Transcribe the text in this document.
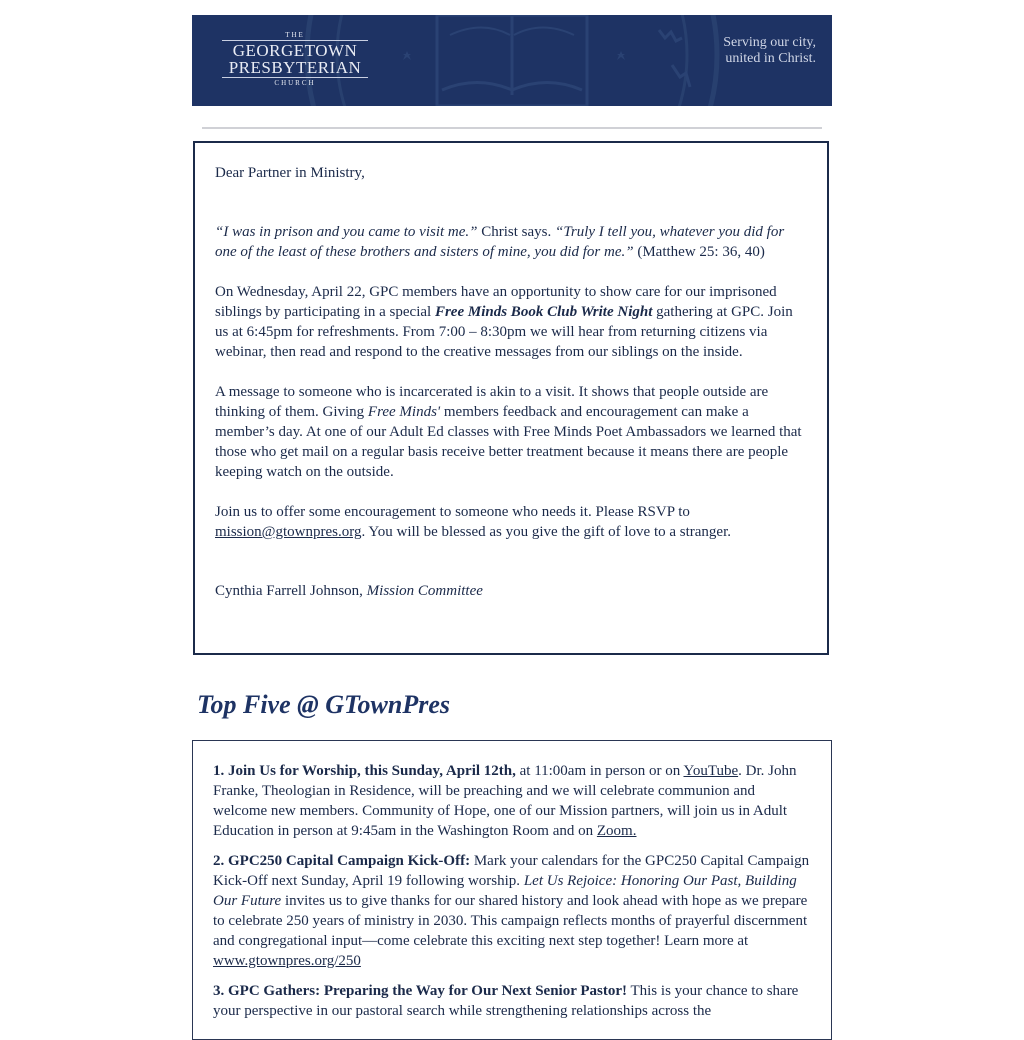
THE
GEORGETOWN
PRESBYTERIAN
CHURCH
Serving our city,
united in Christ.

Dear Partner in Ministry,

“I was in prison and you came to visit me.” Christ says. “Truly I tell you, whatever you did for one of the least of these brothers and sisters of mine, you did for me.” (Matthew 25: 36, 40)

On Wednesday, April 22, GPC members have an opportunity to show care for our imprisoned siblings by participating in a special Free Minds Book Club Write Night gathering at GPC. Join us at 6:45pm for refreshments. From 7:00 – 8:30pm we will hear from returning citizens via webinar, then read and respond to the creative messages from our siblings on the inside.

A message to someone who is incarcerated is akin to a visit. It shows that people outside are thinking of them. Giving Free Minds' members feedback and encouragement can make a member’s day. At one of our Adult Ed classes with Free Minds Poet Ambassadors we learned that those who get mail on a regular basis receive better treatment because it means there are people keeping watch on the outside.

Join us to offer some encouragement to someone who needs it. Please RSVP to mission@gtownpres.org. You will be blessed as you give the gift of love to a stranger.

Cynthia Farrell Johnson, Mission Committee

Top Five @ GTownPres

1. Join Us for Worship, this Sunday, April 12th, at 11:00am in person or on YouTube. Dr. John Franke, Theologian in Residence, will be preaching and we will celebrate communion and welcome new members. Community of Hope, one of our Mission partners, will join us in Adult Education in person at 9:45am in the Washington Room and on Zoom.

2. GPC250 Capital Campaign Kick-Off: Mark your calendars for the GPC250 Capital Campaign Kick-Off next Sunday, April 19 following worship. Let Us Rejoice: Honoring Our Past, Building Our Future invites us to give thanks for our shared history and look ahead with hope as we prepare to celebrate 250 years of ministry in 2030. This campaign reflects months of prayerful discernment and congregational input—come celebrate this exciting next step together! Learn more at www.gtownpres.org/250

3. GPC Gathers: Preparing the Way for Our Next Senior Pastor! This is your chance to share your perspective in our pastoral search while strengthening relationships across the
